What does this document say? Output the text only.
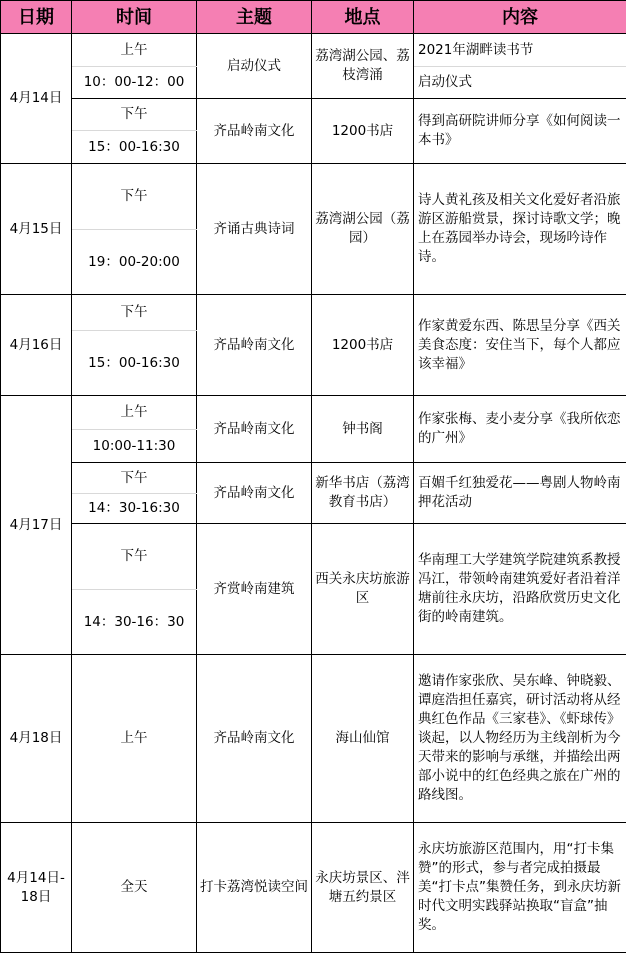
日期	时间	主题	地点	内容
4月14日	上午	启动仪式	荔湾湖公园、荔枝湾涌	2021年湖畔读书节
	10：00-12：00			启动仪式
	下午	齐品岭南文化	1200书店	得到高研院讲师分享《如何阅读一本书》
	15：00-16:30			
4月15日	下午	齐诵古典诗词	荔湾湖公园（荔园）	诗人黄礼孩及相关文化爱好者沿旅游区游船赏景，探讨诗歌文学；晚上在荔园举办诗会，现场吟诗作诗。
	19：00-20:00			
4月16日	下午	齐品岭南文化	1200书店	作家黄爱东西、陈思呈分享《西关美食态度：安住当下，每个人都应该幸福》
	15：00-16:30			
4月17日	上午	齐品岭南文化	钟书阁	作家张梅、麦小麦分享《我所依恋的广州》
	10:00-11:30			
	下午	齐品岭南文化	新华书店（荔湾教育书店）	百媚千红独爱花——粤剧人物岭南押花活动
	14：30-16:30			
	下午	齐赏岭南建筑	西关永庆坊旅游区	华南理工大学建筑学院建筑系教授冯江，带领岭南建筑爱好者沿着洋塘前往永庆坊，沿路欣赏历史文化街的岭南建筑。
	14：30-16：30			
4月18日	上午	齐品岭南文化	海山仙馆	邀请作家张欣、吴东峰、钟晓毅、谭庭浩担任嘉宾，研讨活动将从经典红色作品《三家巷》、《虾球传》谈起，以人物经历为主线剖析为今天带来的影响与承继，并描绘出两部小说中的红色经典之旅在广州的路线图。
4月14日-18日	全天	打卡荔湾悦读空间	永庆坊景区、泮塘五约景区	永庆坊旅游区范围内，用“打卡集赞”的形式，参与者完成拍摄最美“打卡点”集赞任务，到永庆坊新时代文明实践驿站换取“盲盒”抽奖。
